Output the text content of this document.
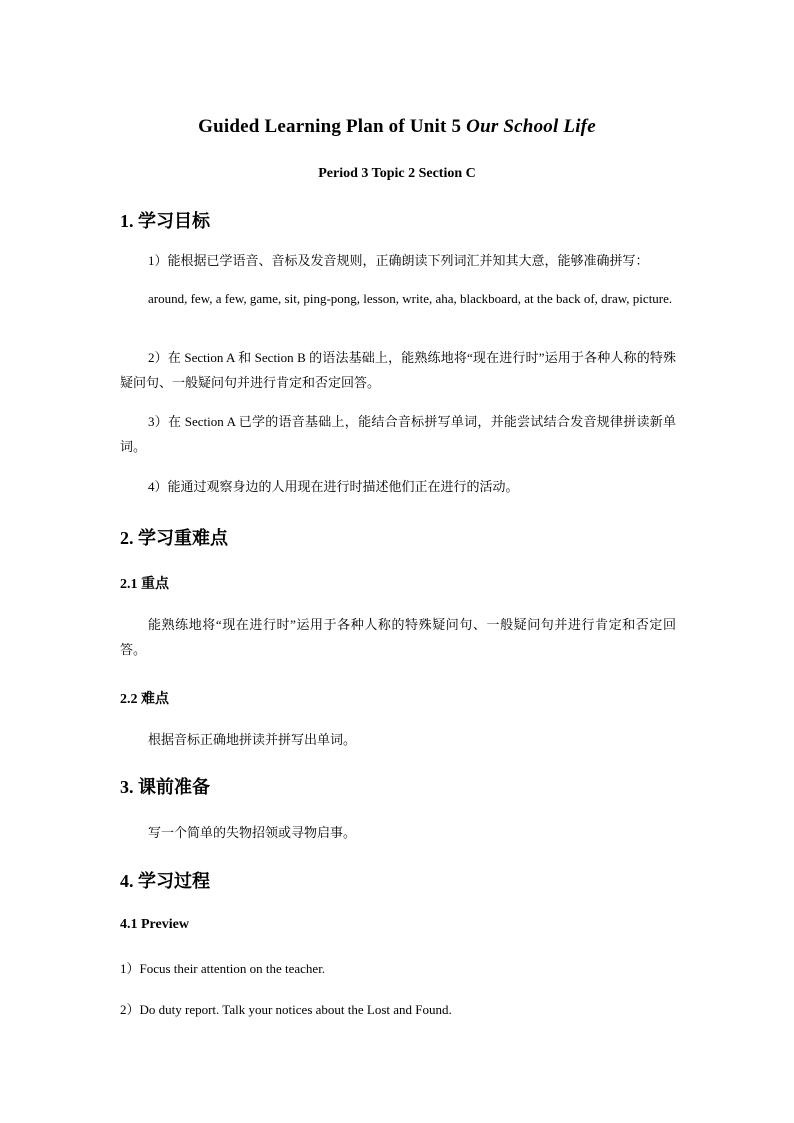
Guided Learning Plan of Unit 5 Our School Life
Period 3 Topic 2 Section C
1. 学习目标
1）能根据已学语音、音标及发音规则，正确朗读下列词汇并知其大意，能够准确拼写：
around, few, a few, game, sit, ping-pong, lesson, write, aha, blackboard, at the back of, draw, picture.
2）在 Section A 和 Section B 的语法基础上，能熟练地将“现在进行时”运用于各种人称的特殊疑问句、一般疑问句并进行肯定和否定回答。
3）在 Section A 已学的语音基础上，能结合音标拼写单词，并能尝试结合发音规律拼读新单词。
4）能通过观察身边的人用现在进行时描述他们正在进行的活动。
2. 学习重难点
2.1 重点
能熟练地将“现在进行时”运用于各种人称的特殊疑问句、一般疑问句并进行肯定和否定回答。
2.2 难点
根据音标正确地拼读并拼写出单词。
3. 课前准备
写一个简单的失物招领或寻物启事。
4. 学习过程
4.1 Preview
1）Focus their attention on the teacher.
2）Do duty report. Talk your notices about the Lost and Found.
